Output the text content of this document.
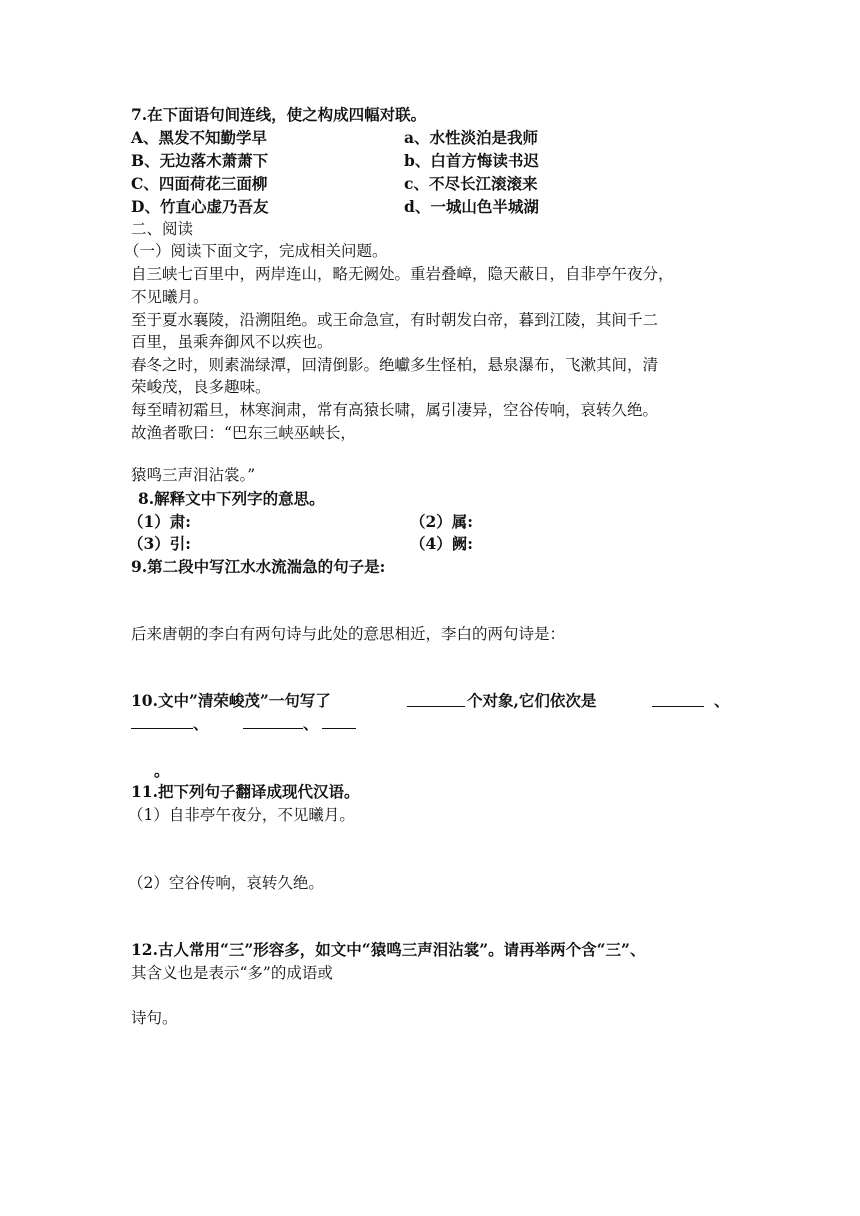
7.在下面语句间连线，使之构成四幅对联。
A、黑发不知勤学早	a、水性淡泊是我师
B、无边落木萧萧下	b、白首方悔读书迟
C、四面荷花三面柳	c、不尽长江滚滚来
D、竹直心虚乃吾友	d、一城山色半城湖
二、阅读
（一）阅读下面文字，完成相关问题。
自三峡七百里中，两岸连山，略无阙处。重岩叠嶂，隐天蔽日，自非亭午夜分，
不见曦月。
至于夏水襄陵，沿溯阻绝。或王命急宣，有时朝发白帝，暮到江陵，其间千二
百里，虽乘奔御风不以疾也。
春冬之时，则素湍绿潭，回清倒影。绝巘多生怪柏，悬泉瀑布，飞漱其间，清
荣峻茂，良多趣味。
每至晴初霜旦，林寒涧肃，常有高猿长啸，属引凄异，空谷传响，哀转久绝。
故渔者歌曰：“巴东三峡巫峡长，
猿鸣三声泪沾裳。”
8.解释文中下列字的意思。
（1）肃:	（2）属:
（3）引:	（4）阙:
9.第二段中写江水水流湍急的句子是:
后来唐朝的李白有两句诗与此处的意思相近，李白的两句诗是：
10.文中”清荣峻茂”一句写了	个对象,它们依次是	、
、	、
。
11.把下列句子翻译成现代汉语。
（1）自非亭午夜分，不见曦月。
（2）空谷传响，哀转久绝。
12.古人常用“三”形容多，如文中“猿鸣三声泪沾裳”。请再举两个含“三”、
其含义也是表示“多”的成语或
诗句。
